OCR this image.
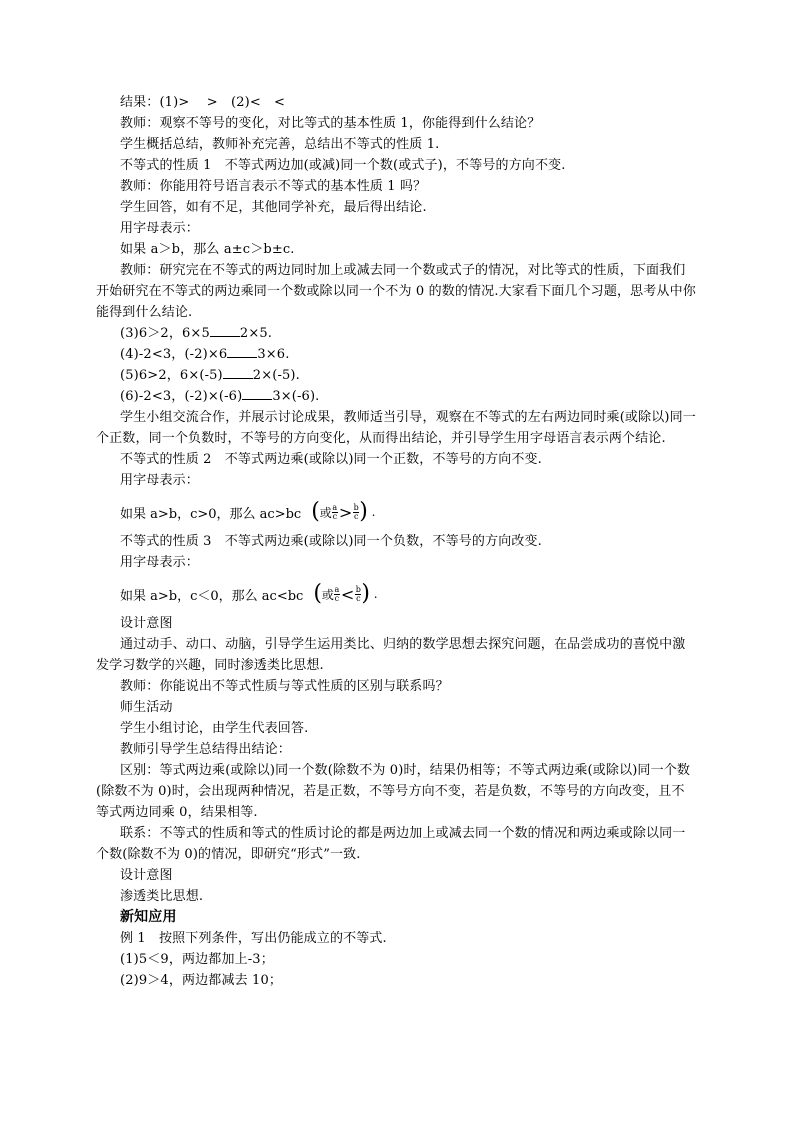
结果：(1)>　 >　(2)<　<

教师：观察不等号的变化，对比等式的基本性质 1，你能得到什么结论？

学生概括总结，教师补充完善，总结出不等式的性质 1.

不等式的性质 1　不等式两边加(或减)同一个数(或式子)，不等号的方向不变.

教师：你能用符号语言表示不等式的基本性质 1 吗？

学生回答，如有不足，其他同学补充，最后得出结论.

用字母表示：

如果 a＞b，那么 a±c＞b±c.

教师：研究完在不等式的两边同时加上或减去同一个数或式子的情况，对比等式的性质，下面我们开始研究在不等式的两边乘同一个数或除以同一个不为 0 的数的情况.大家看下面几个习题，思考从中你能得到什么结论.

(3)6＞2，6×5 2×5.

(4)-2<3，(-2)×6 3×6.

(5)6>2，6×(-5) 2×(-5).

(6)-2<3，(-2)×(-6) 3×(-6).

学生小组交流合作，并展示讨论成果，教师适当引导，观察在不等式的左右两边同时乘(或除以)同一个正数，同一个负数时，不等号的方向变化，从而得出结论，并引导学生用字母语言表示两个结论.

不等式的性质 2　不等式两边乘(或除以)同一个正数，不等号的方向不变.

用字母表示：

如果 a>b，c>0，那么 ac>bc ( 或 $\frac{a}{c} > \frac{b}{c}$ ) .

不等式的性质 3　不等式两边乘(或除以)同一个负数，不等号的方向改变.

用字母表示：

如果 a>b，c＜0，那么 ac<bc ( 或 $\frac{a}{c} < \frac{b}{c}$ ) .

设计意图

通过动手、动口、动脑，引导学生运用类比、归纳的数学思想去探究问题，在品尝成功的喜悦中激发学习数学的兴趣，同时渗透类比思想.

教师：你能说出不等式性质与等式性质的区别与联系吗？

师生活动

学生小组讨论，由学生代表回答.

教师引导学生总结得出结论：

区别：等式两边乘(或除以)同一个数(除数不为 0)时，结果仍相等；不等式两边乘(或除以)同一个数(除数不为 0)时，会出现两种情况，若是正数，不等号方向不变，若是负数，不等号的方向改变，且不等式两边同乘 0，结果相等.

联系：不等式的性质和等式的性质讨论的都是两边加上或减去同一个数的情况和两边乘或除以同一个数(除数不为 0)的情况，即研究“形式”一致.

设计意图

渗透类比思想.

新知应用

例 1　按照下列条件，写出仍能成立的不等式.

(1)5＜9，两边都加上-3；

(2)9＞4，两边都减去 10；
